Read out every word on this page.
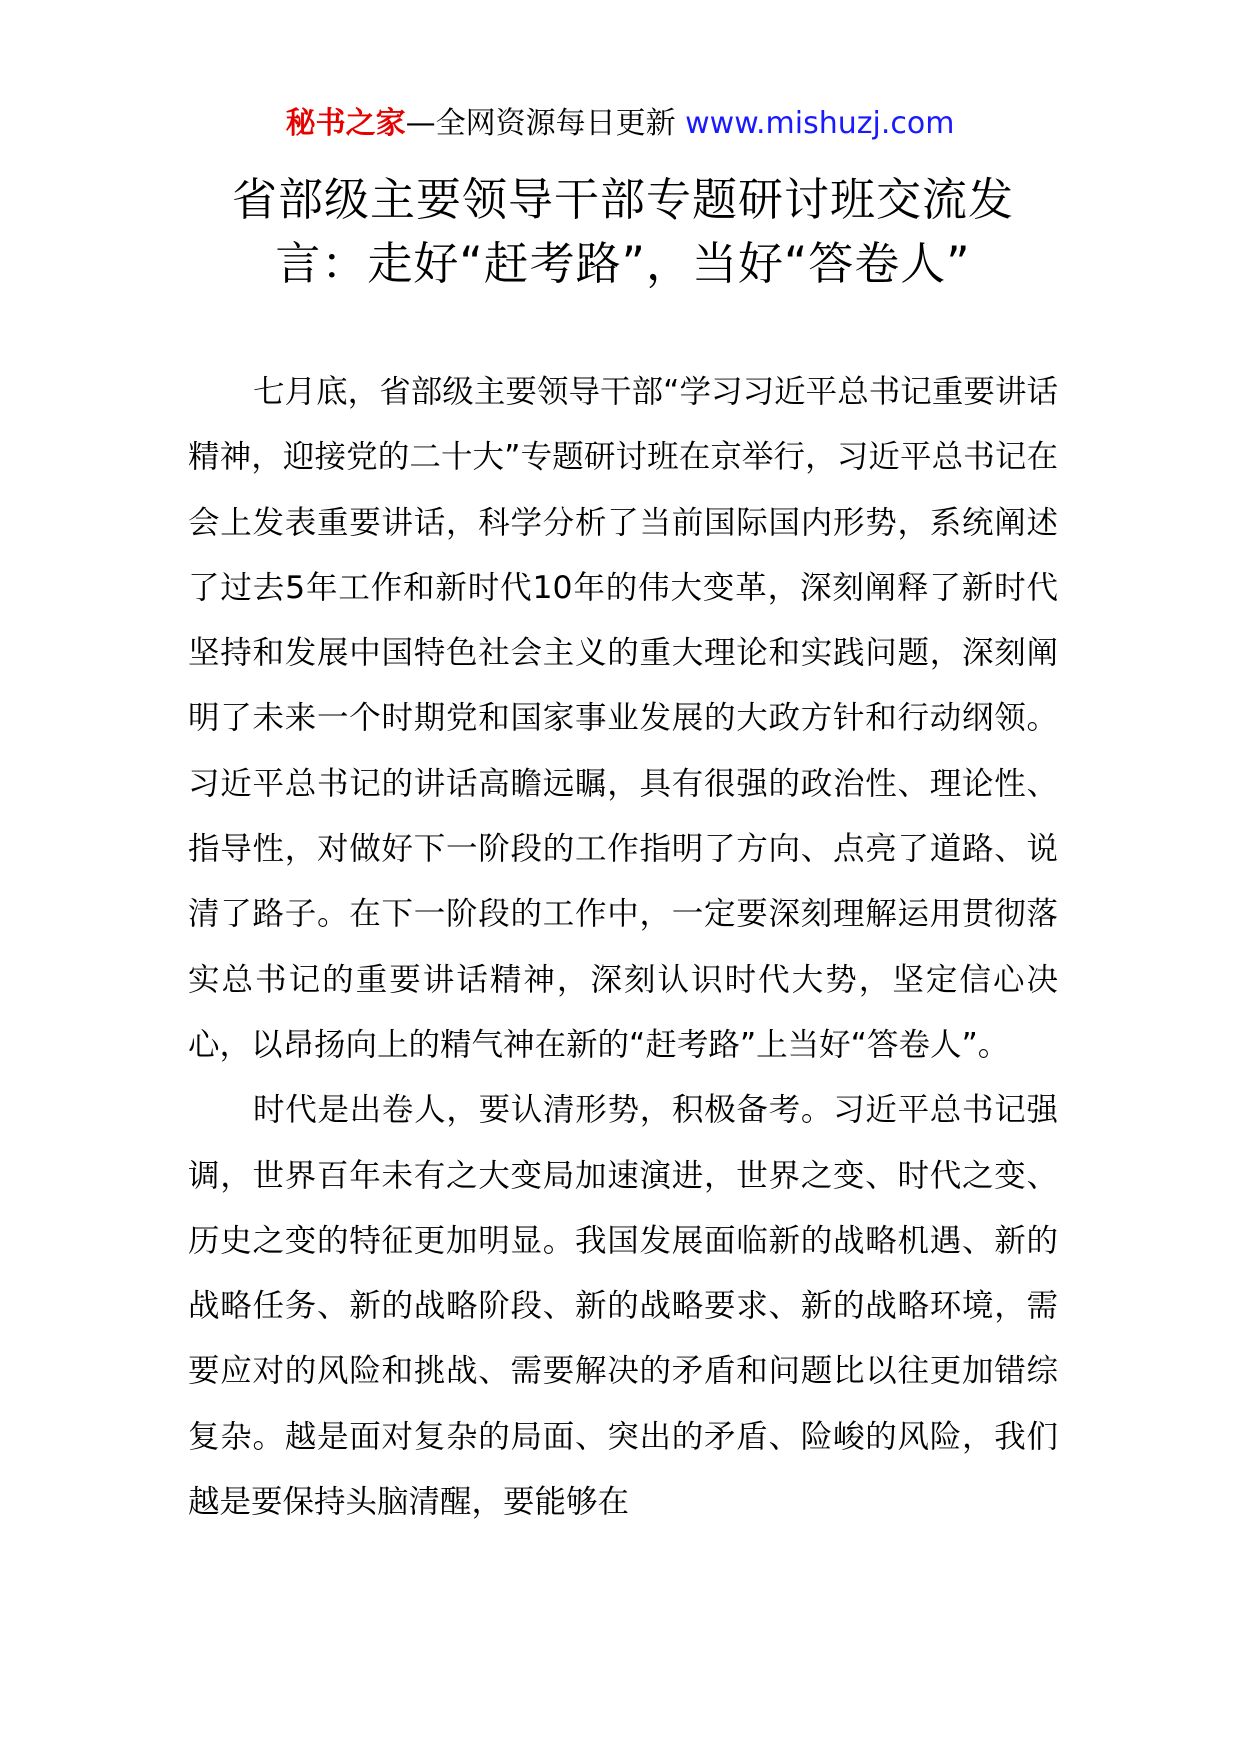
秘书之家—全网资源每日更新 www.mishuzj.com
省部级主要领导干部专题研讨班交流发言：走好“赶考路”，当好“答卷人”

七月底，省部级主要领导干部“学习习近平总书记重要讲话精神，迎接党的二十大”专题研讨班在京举行，习近平总书记在会上发表重要讲话，科学分析了当前国际国内形势，系统阐述了过去5年工作和新时代10年的伟大变革，深刻阐释了新时代坚持和发展中国特色社会主义的重大理论和实践问题，深刻阐明了未来一个时期党和国家事业发展的大政方针和行动纲领。习近平总书记的讲话高瞻远瞩，具有很强的政治性、理论性、指导性，对做好下一阶段的工作指明了方向、点亮了道路、说清了路子。在下一阶段的工作中，一定要深刻理解运用贯彻落实总书记的重要讲话精神，深刻认识时代大势，坚定信心决心，以昂扬向上的精气神在新的“赶考路”上当好“答卷人”。

时代是出卷人，要认清形势，积极备考。习近平总书记强调，世界百年未有之大变局加速演进，世界之变、时代之变、历史之变的特征更加明显。我国发展面临新的战略机遇、新的战略任务、新的战略阶段、新的战略要求、新的战略环境，需要应对的风险和挑战、需要解决的矛盾和问题比以往更加错综复杂。越是面对复杂的局面、突出的矛盾、险峻的风险，我们越是要保持头脑清醒，要能够在
